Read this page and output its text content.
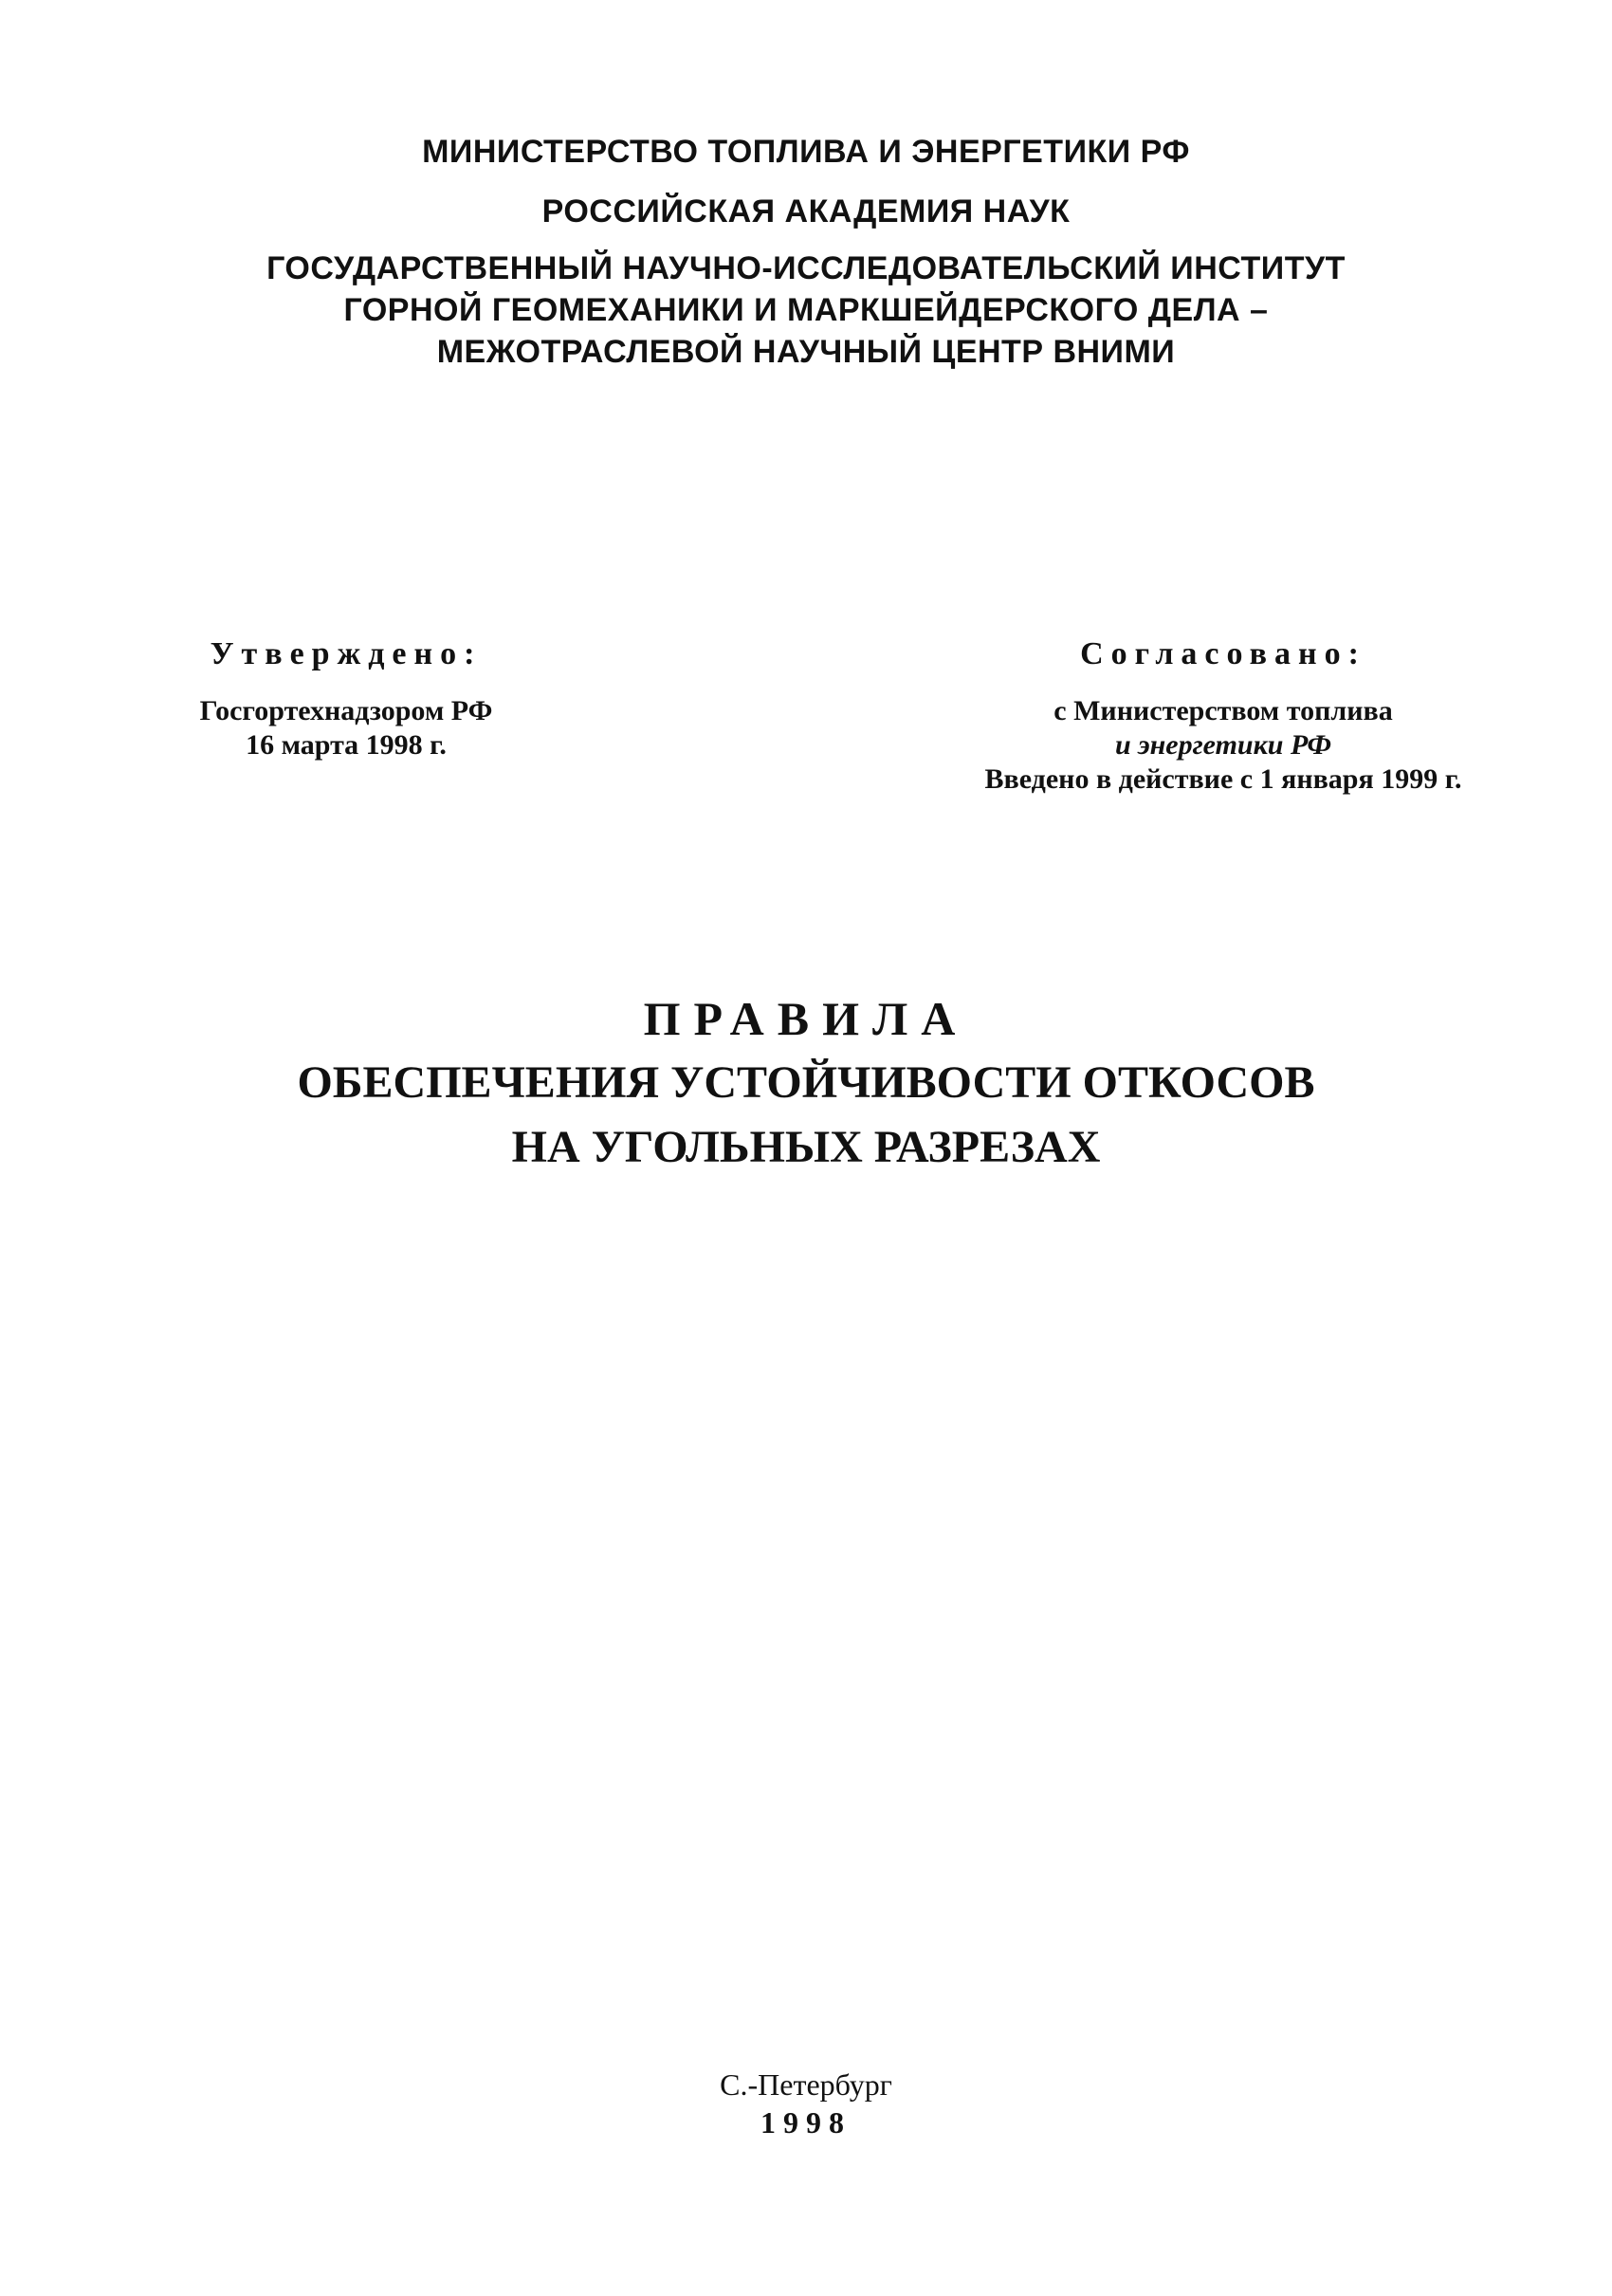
МИНИСТЕРСТВО ТОПЛИВА И ЭНЕРГЕТИКИ РФ
РОССИЙСКАЯ АКАДЕМИЯ НАУК
ГОСУДАРСТВЕННЫЙ НАУЧНО-ИССЛЕДОВАТЕЛЬСКИЙ ИНСТИТУТ
ГОРНОЙ ГЕОМЕХАНИКИ И МАРКШЕЙДЕРСКОГО ДЕЛА –
МЕЖОТРАСЛЕВОЙ НАУЧНЫЙ ЦЕНТР ВНИМИ
Утверждено:
Госгортехнадзором РФ
16 марта 1998 г.
Согласовано:
с Министерством топлива
и энергетики РФ
Введено в действие с 1 января 1999 г.
ПРАВИЛА
ОБЕСПЕЧЕНИЯ УСТОЙЧИВОСТИ ОТКОСОВ
НА УГОЛЬНЫХ РАЗРЕЗАХ
С.-Петербург
1998
